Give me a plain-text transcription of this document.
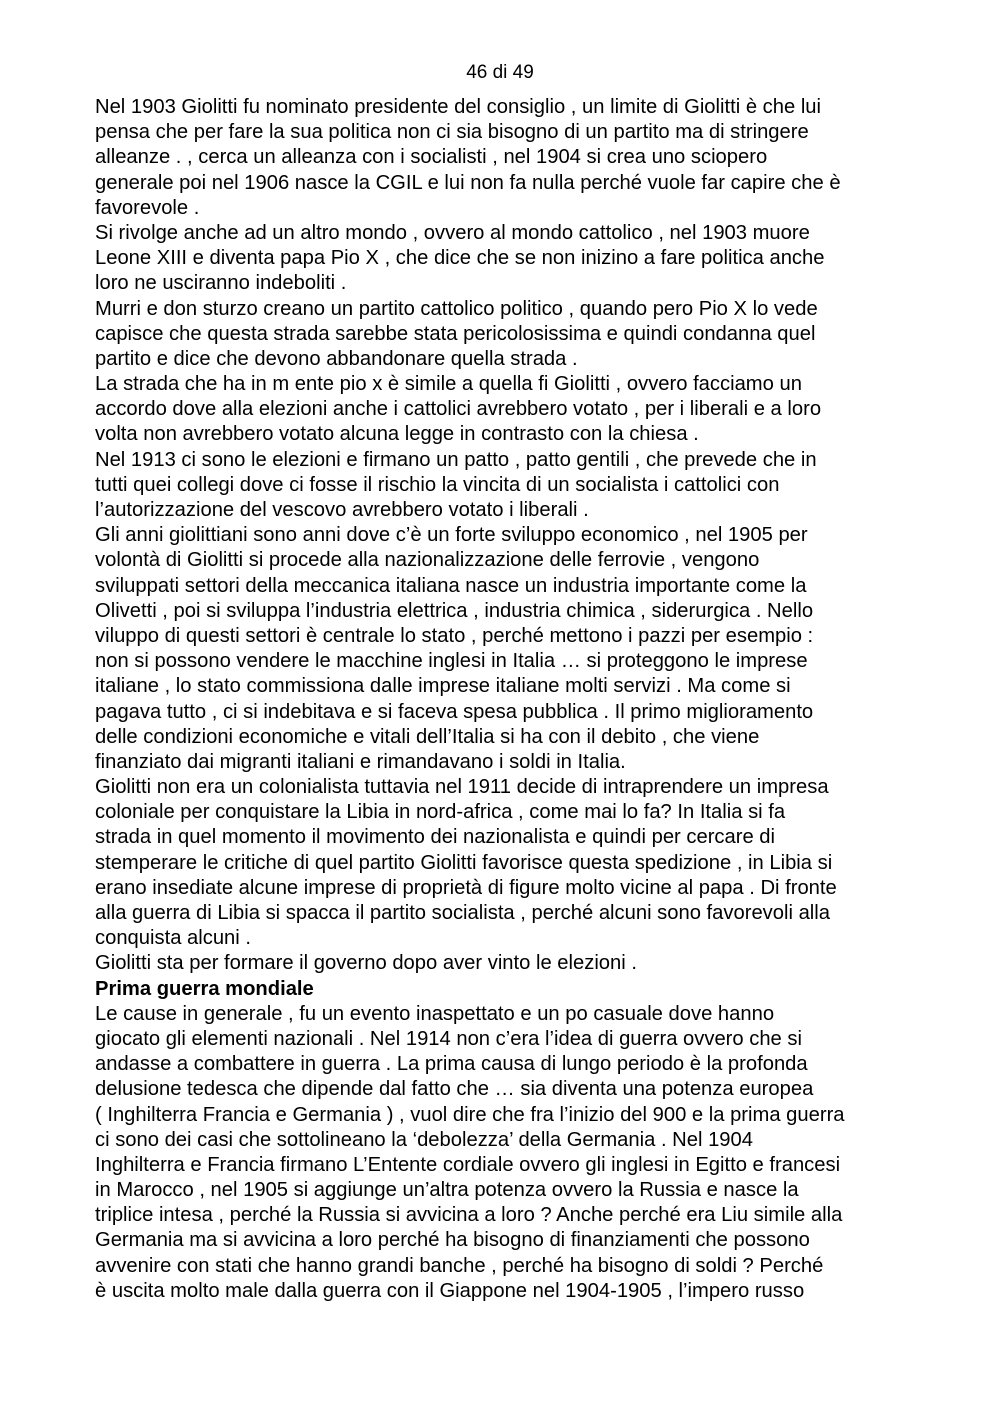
46 di 49
Nel 1903 Giolitti fu nominato presidente del consiglio , un limite di Giolitti è che lui
pensa che per fare la sua politica non ci sia bisogno di un partito ma di stringere
alleanze . , cerca un alleanza con i socialisti , nel 1904 si crea uno sciopero
generale poi nel 1906 nasce la CGIL e lui non fa nulla perché vuole far capire che è
favorevole .
Si rivolge anche ad un altro mondo , ovvero al mondo cattolico , nel 1903 muore
Leone XIII e diventa papa Pio X , che dice che se non inizino a fare politica anche
loro ne usciranno indeboliti .
Murri e don sturzo creano un partito cattolico politico , quando pero Pio X lo vede
capisce che questa strada sarebbe stata pericolosissima e quindi condanna quel
partito e dice che devono abbandonare quella strada .
La strada che ha in m ente pio x è simile a quella fi Giolitti , ovvero facciamo un
accordo dove alla elezioni anche i cattolici avrebbero votato , per i liberali e a loro
volta non avrebbero votato alcuna legge in contrasto con la chiesa .
Nel 1913 ci sono le elezioni e firmano un patto , patto gentili , che prevede che in
tutti quei collegi dove ci fosse il rischio la vincita di un socialista i cattolici con
l’autorizzazione del vescovo avrebbero votato i liberali .
Gli anni giolittiani sono anni dove c’è un forte sviluppo economico , nel 1905 per
volontà di Giolitti si procede alla nazionalizzazione delle ferrovie , vengono
sviluppati settori della meccanica italiana nasce un industria importante come la
Olivetti , poi si sviluppa l’industria elettrica , industria chimica , siderurgica . Nello
viluppo di questi settori è centrale lo stato , perché mettono i pazzi per esempio :
non si possono vendere le macchine inglesi in Italia … si proteggono le imprese
italiane , lo stato commissiona dalle imprese italiane molti servizi . Ma come si
pagava tutto , ci si indebitava e si faceva spesa pubblica . Il primo miglioramento
delle condizioni economiche e vitali dell’Italia si ha con il debito , che viene
finanziato dai migranti italiani e rimandavano i soldi in Italia.
Giolitti non era un colonialista tuttavia nel 1911 decide di intraprendere un impresa
coloniale per conquistare la Libia in nord-africa , come mai lo fa? In Italia si fa
strada in quel momento il movimento dei nazionalista e quindi per cercare di
stemperare le critiche di quel partito Giolitti favorisce questa spedizione , in Libia si
erano insediate alcune imprese di proprietà di figure molto vicine al papa . Di fronte
alla guerra di Libia si spacca il partito socialista , perché alcuni sono favorevoli alla
conquista alcuni .
Giolitti sta per formare il governo dopo aver vinto le elezioni .
Prima guerra mondiale
Le cause in generale , fu un evento inaspettato e un po casuale dove hanno
giocato gli elementi nazionali . Nel 1914 non c’era l’idea di guerra ovvero che si
andasse a combattere in guerra . La prima causa di lungo periodo è la profonda
delusione tedesca che dipende dal fatto che … sia diventa una potenza europea
( Inghilterra Francia e Germania ) , vuol dire che fra l’inizio del 900 e la prima guerra
ci sono dei casi che sottolineano la ‘debolezza’ della Germania . Nel 1904
Inghilterra e Francia firmano L’Entente cordiale ovvero gli inglesi in Egitto e francesi
in Marocco , nel 1905 si aggiunge un’altra potenza ovvero la Russia e nasce la
triplice intesa , perché la Russia si avvicina a loro ? Anche perché era Liu simile alla
Germania ma si avvicina a loro perché ha bisogno di finanziamenti che possono
avvenire con stati che hanno grandi banche , perché ha bisogno di soldi ? Perché
è uscita molto male dalla guerra con il Giappone nel 1904-1905 , l’impero russo
